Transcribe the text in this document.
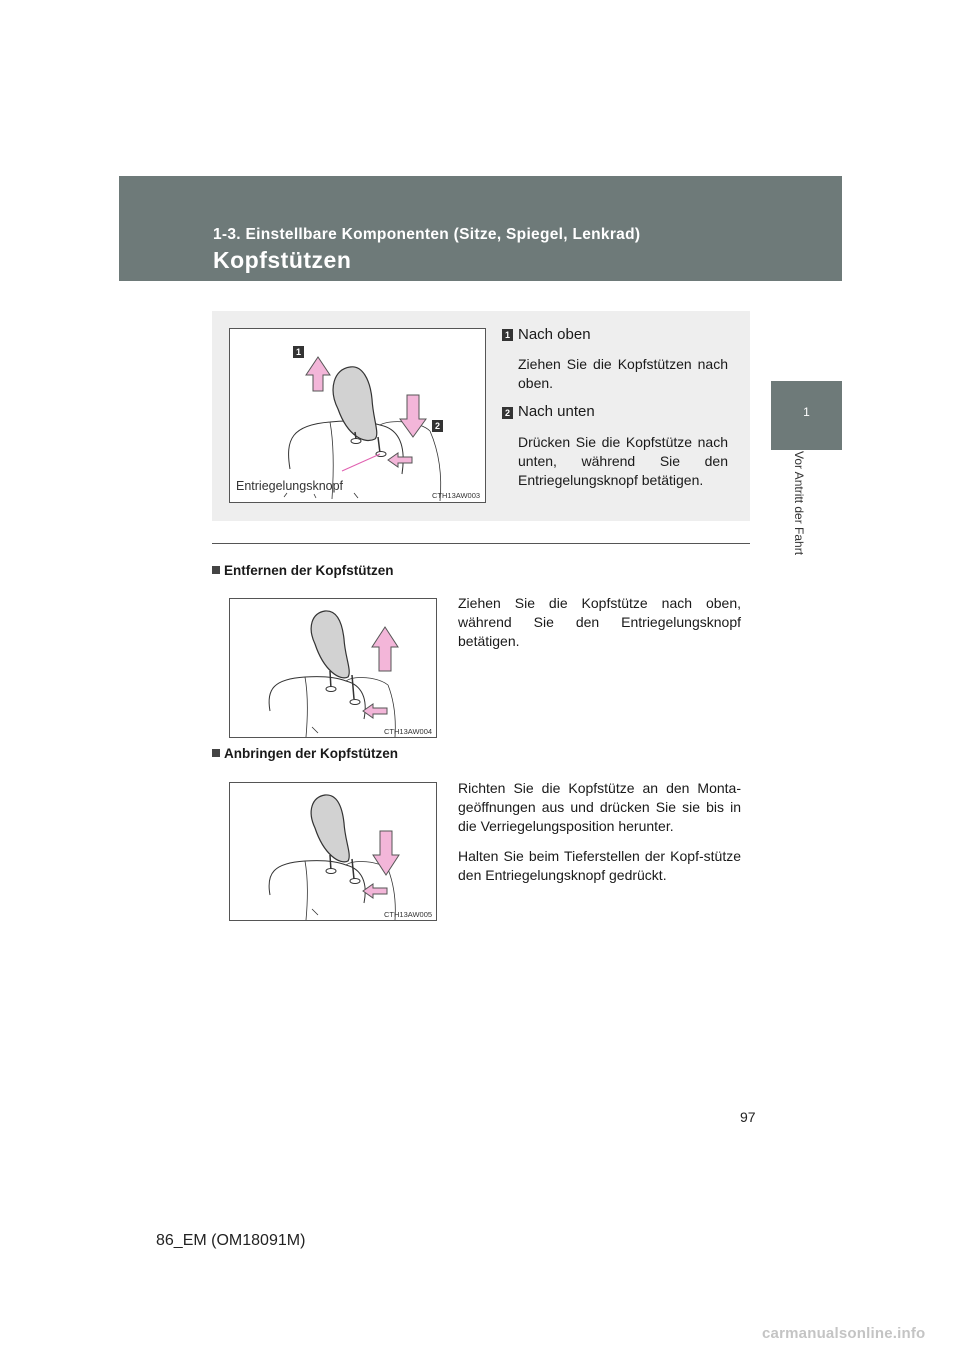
1-3. Einstellbare Komponenten (Sitze, Spiegel, Lenkrad)
Kopfstützen
1
Vor Antritt der Fahrt
1
2
Entriegelungsknopf
CTH13AW003
1 Nach oben
Ziehen Sie die Kopfstützen nach oben.
2 Nach unten
Drücken Sie die Kopfstütze nach unten, während Sie den Entriegelungsknopf betätigen.
Entfernen der Kopfstützen
CTH13AW004
Ziehen Sie die Kopfstütze nach oben, während Sie den Entriegelungsknopf betätigen.
Anbringen der Kopfstützen
CTH13AW005
Richten Sie die Kopfstütze an den Monta-geöffnungen aus und drücken Sie sie bis in die Verriegelungsposition herunter.
Halten Sie beim Tieferstellen der Kopf-stütze den Entriegelungsknopf gedrückt.
97
86_EM (OM18091M)
carmanualsonline.info
